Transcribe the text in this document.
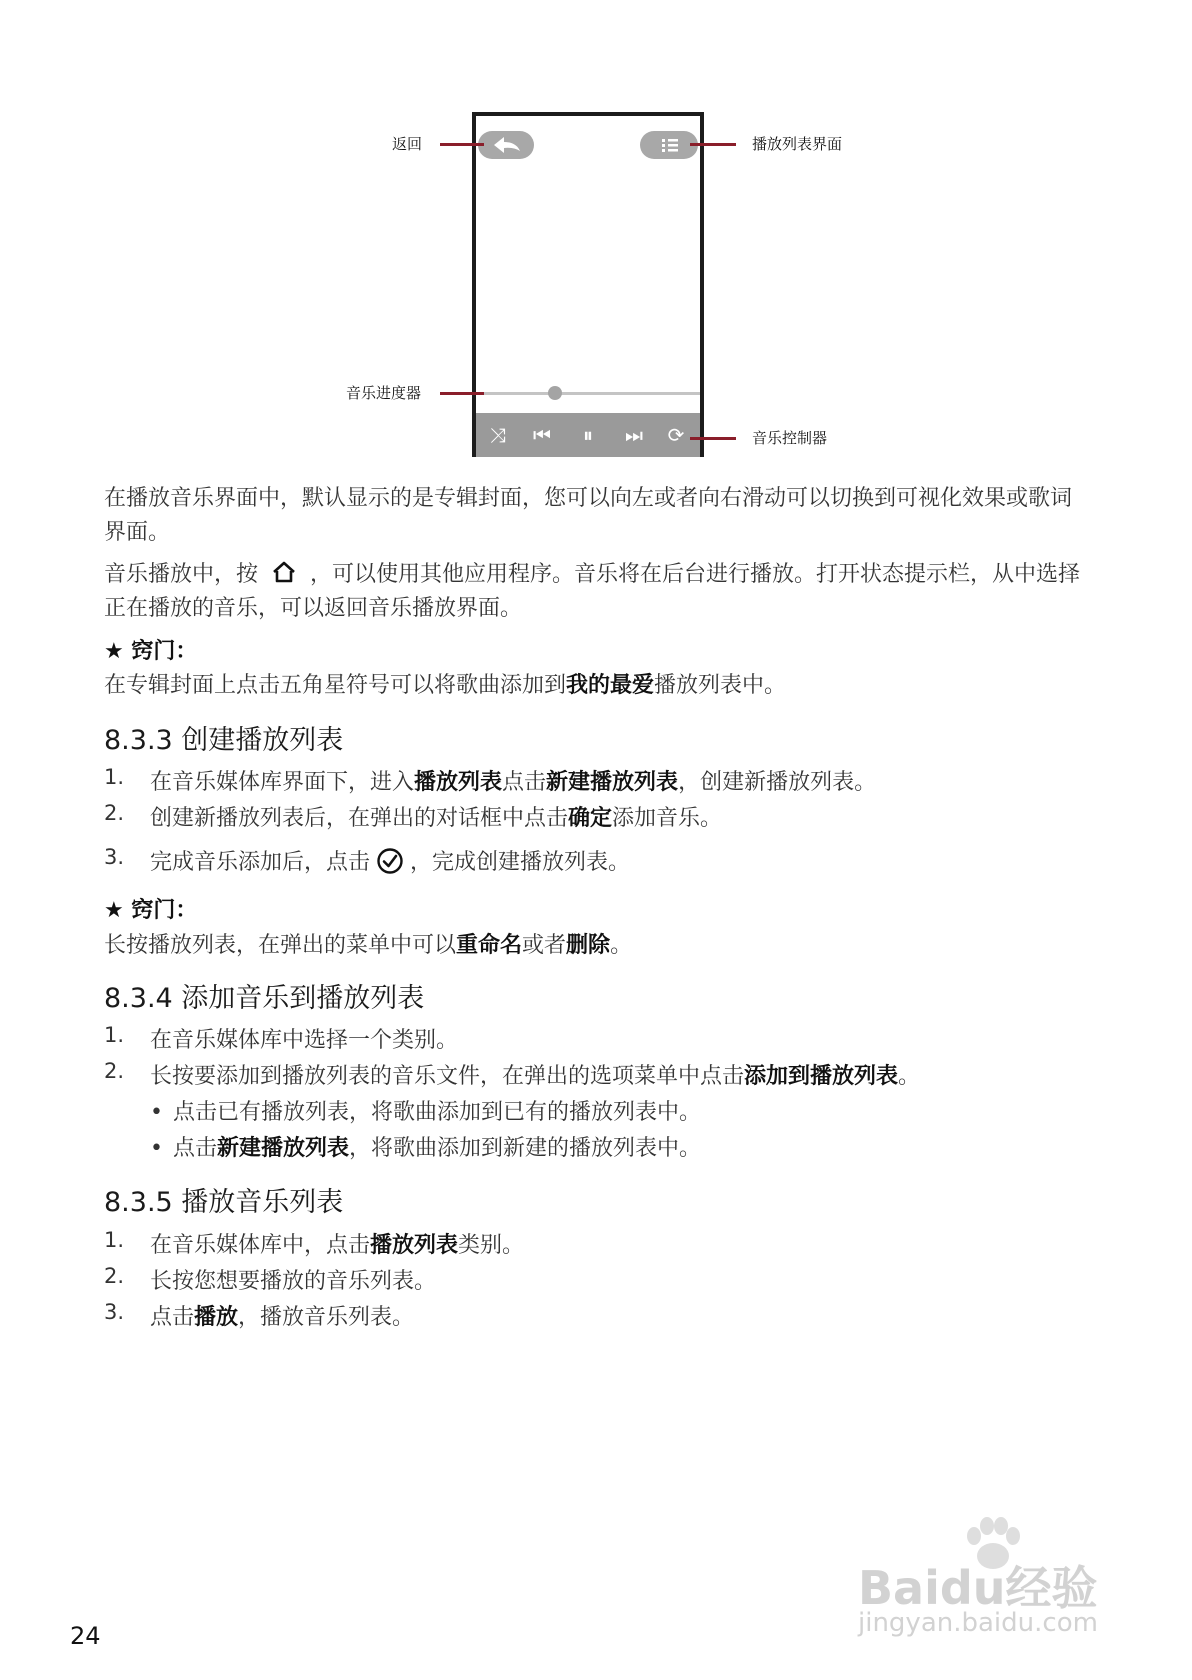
⤨	⏮	⏸	⏭	⟳
返回	播放列表界面
音乐进度器
音乐控制器
在播放音乐界面中，默认显示的是专辑封面，您可以向左或者向右滑动可以切换到可视化效果或歌词界面。
音乐播放中，按 ，可以使用其他应用程序。音乐将在后台进行播放。打开状态提示栏，从中选择正在播放的音乐，可以返回音乐播放界面。
★ 窍门：
在专辑封面上点击五角星符号可以将歌曲添加到我的最爱播放列表中。
8.3.3 创建播放列表
1. 在音乐媒体库界面下，进入播放列表点击新建播放列表，创建新播放列表。
2. 创建新播放列表后，在弹出的对话框中点击确定添加音乐。
3. 完成音乐添加后，点击 ，完成创建播放列表。
★ 窍门：
长按播放列表，在弹出的菜单中可以重命名或者删除。
8.3.4 添加音乐到播放列表
1. 在音乐媒体库中选择一个类别。
2. 长按要添加到播放列表的音乐文件，在弹出的选项菜单中点击添加到播放列表。
• 点击已有播放列表，将歌曲添加到已有的播放列表中。
• 点击新建播放列表，将歌曲添加到新建的播放列表中。
8.3.5 播放音乐列表
1. 在音乐媒体库中，点击播放列表类别。
2. 长按您想要播放的音乐列表。
3. 点击播放，播放音乐列表。
24
Baidu经验
jingyan.baidu.com
